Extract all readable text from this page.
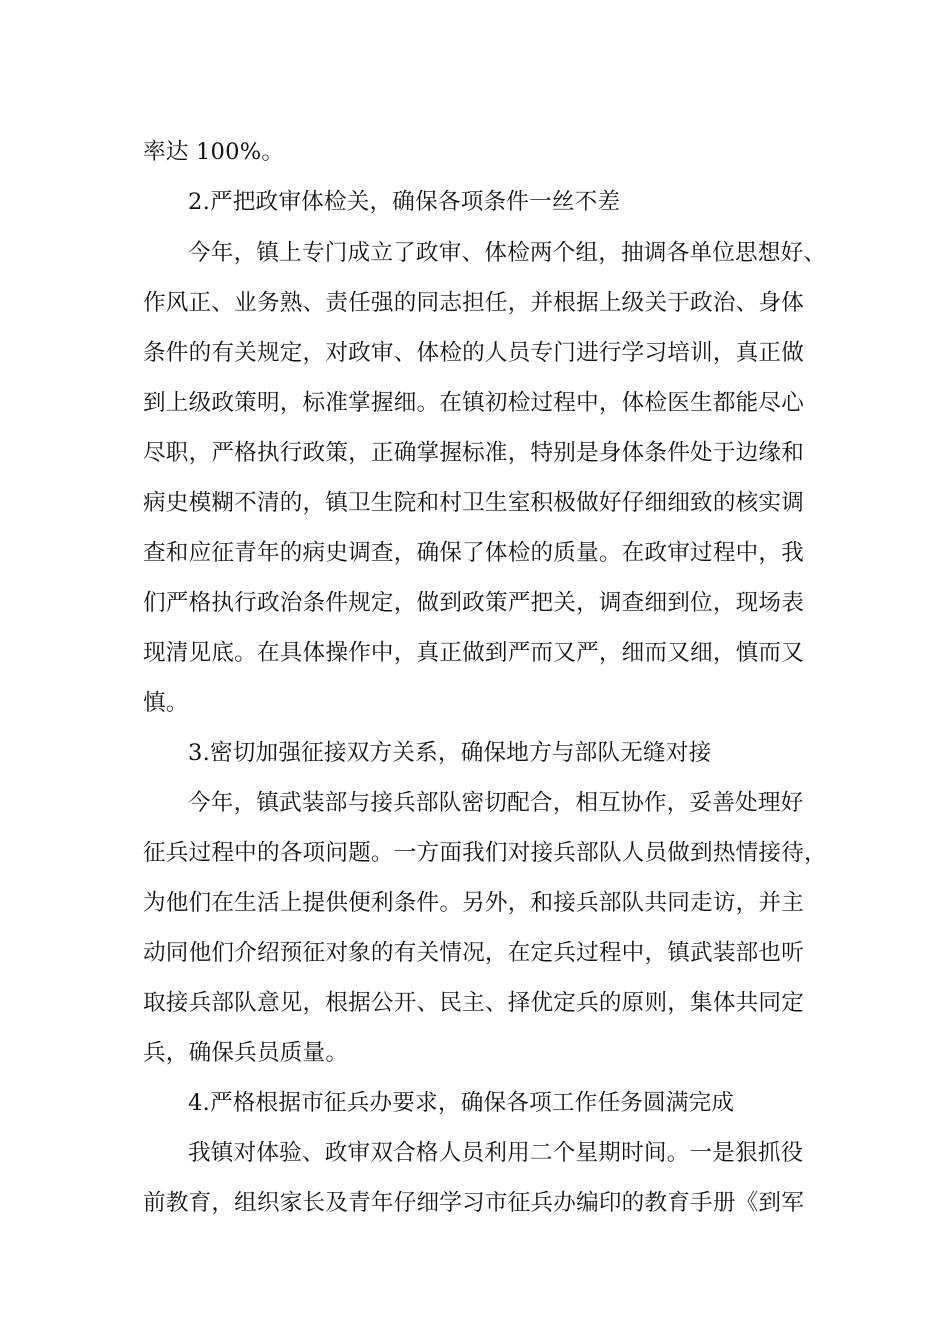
率达 100%。
2.严把政审体检关，确保各项条件一丝不差
今年，镇上专门成立了政审、体检两个组，抽调各单位思想好、
作风正、业务熟、责任强的同志担任，并根据上级关于政治、身体
条件的有关规定，对政审、体检的人员专门进行学习培训，真正做
到上级政策明，标准掌握细。在镇初检过程中，体检医生都能尽心
尽职，严格执行政策，正确掌握标准，特别是身体条件处于边缘和
病史模糊不清的，镇卫生院和村卫生室积极做好仔细细致的核实调
查和应征青年的病史调查，确保了体检的质量。在政审过程中，我
们严格执行政治条件规定，做到政策严把关，调查细到位，现场表
现清见底。在具体操作中，真正做到严而又严，细而又细，慎而又
慎。
3.密切加强征接双方关系，确保地方与部队无缝对接
今年，镇武装部与接兵部队密切配合，相互协作，妥善处理好
征兵过程中的各项问题。一方面我们对接兵部队人员做到热情接待，
为他们在生活上提供便利条件。另外，和接兵部队共同走访，并主
动同他们介绍预征对象的有关情况，在定兵过程中，镇武装部也听
取接兵部队意见，根据公开、民主、择优定兵的原则，集体共同定
兵，确保兵员质量。
4.严格根据市征兵办要求，确保各项工作任务圆满完成
我镇对体验、政审双合格人员利用二个星期时间。一是狠抓役
前教育，组织家长及青年仔细学习市征兵办编印的教育手册《到军
